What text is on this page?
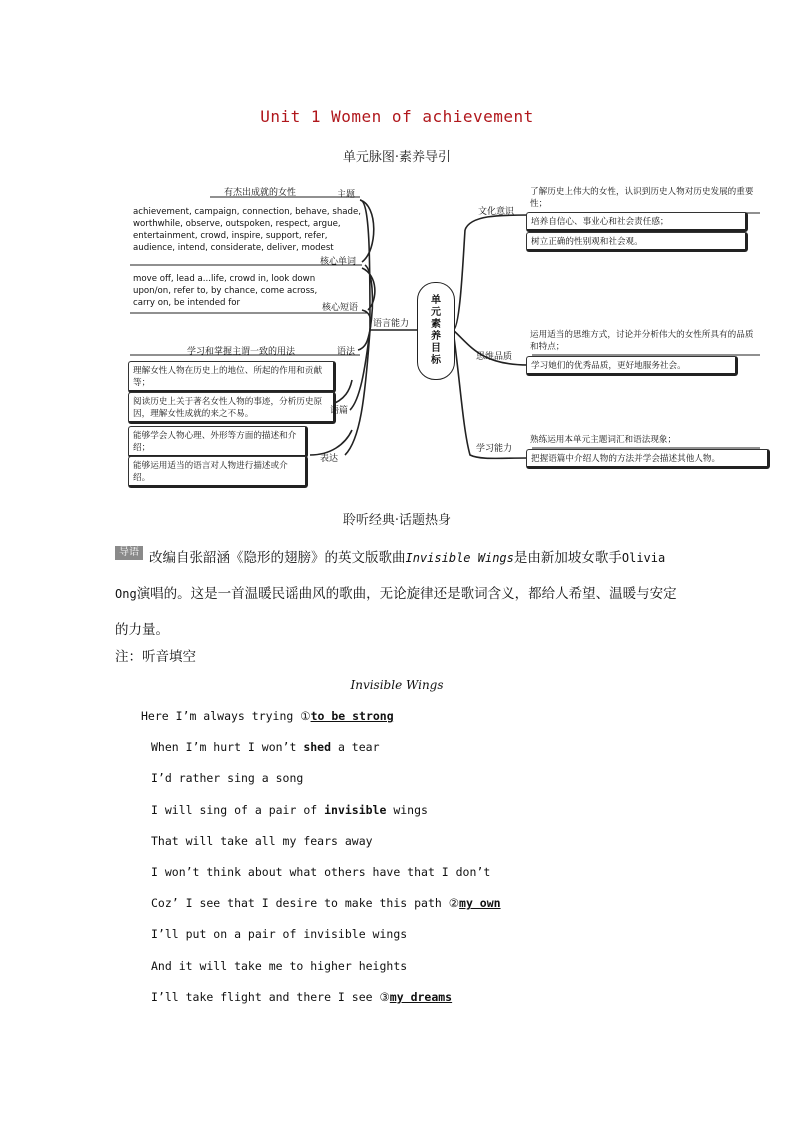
Unit 1 Women of achievement
单元脉图·素养导引
单元素养目标
有杰出成就的女性	主题
achievement, campaign, connection, behave, shade, worthwhile, observe, outspoken, respect, argue, entertainment, crowd, inspire, support, refer, audience, intend, considerate, deliver, modest
核心单词
move off, lead a...life, crowd in, look down upon/on, refer to, by chance, come across, carry on, be intended for	核心短语
语言能力
学习和掌握主谓一致的用法	语法
理解女性人物在历史上的地位、所起的作用和贡献等；
阅读历史上关于著名女性人物的事迹，分析历史原因，理解女性成就的来之不易。	语篇
能够学会人物心理、外形等方面的描述和介绍；
能够运用适当的语言对人物进行描述或介绍。
表达
文化意识
了解历史上伟大的女性，认识到历史人物对历史发展的重要性；
培养自信心、事业心和社会责任感；
树立正确的性别观和社会观。
思维品质
运用适当的思维方式，讨论并分析伟大的女性所具有的品质和特点；
学习她们的优秀品质，更好地服务社会。
学习能力
熟练运用本单元主题词汇和语法现象；
把握语篇中介绍人物的方法并学会描述其他人物。
聆听经典·话题热身
导语 改编自张韶涵《隐形的翅膀》的英文版歌曲Invisible Wings是由新加坡女歌手Olivia Ong演唱的。这是一首温暖民谣曲风的歌曲，无论旋律还是歌词含义，都给人希望、温暖与安定的力量。
注：听音填空
Invisible Wings
Here I’m always trying ①to be strong
When I’m hurt I won’t shed a tear
I’d rather sing a song
I will sing of a pair of invisible wings
That will take all my fears away
I won’t think about what others have that I don’t
Coz’ I see that I desire to make this path ②my own
I’ll put on a pair of invisible wings
And it will take me to higher heights
I’ll take flight and there I see ③my dreams
